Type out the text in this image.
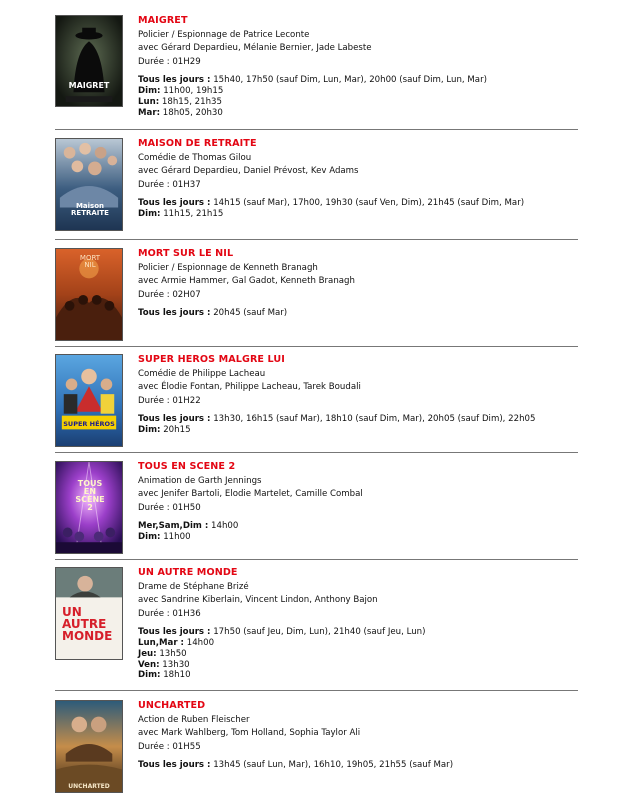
MAIGRET

MAIGRET

Policier / Espionnage de Patrice Leconte

avec Gérard Depardieu, Mélanie Bernier, Jade Labeste

Durée : 01H29

Tous les jours : 15h40, 17h50 (sauf Dim, Lun, Mar), 20h00 (sauf Dim, Lun, Mar)

Dim: 11h00, 19h15

Lun: 18h15, 21h35

Mar: 18h05, 20h30

Maison RETRAITE

MAISON DE RETRAITE

Comédie de Thomas Gilou

avec Gérard Depardieu, Daniel Prévost, Kev Adams

Durée : 01H37

Tous les jours : 14h15 (sauf Mar), 17h00, 19h30 (sauf Ven, Dim), 21h45 (sauf Dim, Mar)

Dim: 11h15, 21h15

MORT NIL

MORT SUR LE NIL

Policier / Espionnage de Kenneth Branagh

avec Armie Hammer, Gal Gadot, Kenneth Branagh

Durée : 02H07

Tous les jours : 20h45 (sauf Mar)

SUPER HÉROS

SUPER HEROS MALGRE LUI

Comédie de Philippe Lacheau

avec Élodie Fontan, Philippe Lacheau, Tarek Boudali

Durée : 01H22

Tous les jours : 13h30, 16h15 (sauf Mar), 18h10 (sauf Dim, Mar), 20h05 (sauf Dim), 22h05

Dim: 20h15

TOUS EN SCÈNE 2

TOUS EN SCENE 2

Animation de Garth Jennings

avec Jenifer Bartoli, Elodie Martelet, Camille Combal

Durée : 01H50

Mer,Sam,Dim : 14h00

Dim: 11h00

UN AUTRE MONDE

UN AUTRE MONDE

Drame de Stéphane Brizé

avec Sandrine Kiberlain, Vincent Lindon, Anthony Bajon

Durée : 01H36

Tous les jours : 17h50 (sauf Jeu, Dim, Lun), 21h40 (sauf Jeu, Lun)

Lun,Mar : 14h00

Jeu: 13h50

Ven: 13h30

Dim: 18h10

UNCHARTED

UNCHARTED

Action de Ruben Fleischer

avec Mark Wahlberg, Tom Holland, Sophia Taylor Ali

Durée : 01H55

Tous les jours : 13h45 (sauf Lun, Mar), 16h10, 19h05, 21h55 (sauf Mar)
